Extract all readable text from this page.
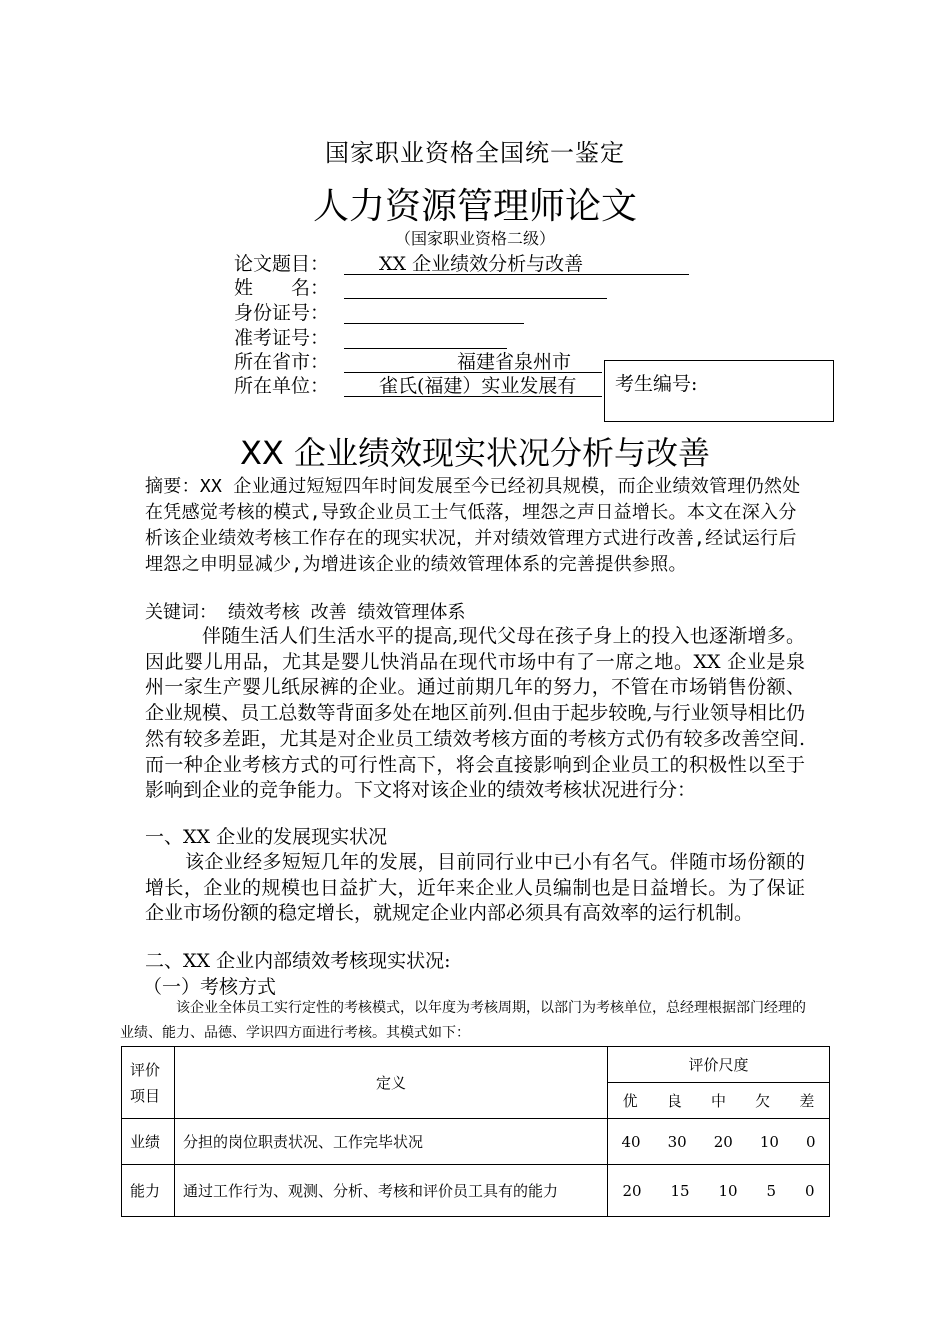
国家职业资格全国统一鉴定
人力资源管理师论文
（国家职业资格二级）
论文题目：	XX 企业绩效分析与改善
姓　　名：
身份证号：
准考证号：
所在省市：	福建省泉州市
所在单位：	雀氏(福建）实业发展有 考生编号:
XX 企业绩效现实状况分析与改善
摘要：XX 企业通过短短四年时间发展至今已经初具规模，而企业绩效管理仍然处在凭感觉考核的模式,导致企业员工士气低落，埋怨之声日益增长。本文在深入分析该企业绩效考核工作存在的现实状况，并对绩效管理方式进行改善,经试运行后埋怨之申明显减少,为增进该企业的绩效管理体系的完善提供参照。
关键词： 绩效考核 改善 绩效管理体系
伴随生活人们生活水平的提高,现代父母在孩子身上的投入也逐渐增多。因此婴儿用品，尤其是婴儿快消品在现代市场中有了一席之地。XX 企业是泉州一家生产婴儿纸尿裤的企业。通过前期几年的努力，不管在市场销售份额、企业规模、员工总数等背面多处在地区前列.但由于起步较晚,与行业领导相比仍然有较多差距，尤其是对企业员工绩效考核方面的考核方式仍有较多改善空间.而一种企业考核方式的可行性高下，将会直接影响到企业员工的积极性以至于影响到企业的竞争能力。下文将对该企业的绩效考核状况进行分：
一、XX 企业的发展现实状况
该企业经多短短几年的发展，目前同行业中已小有名气。伴随市场份额的增长，企业的规模也日益扩大，近年来企业人员编制也是日益增长。为了保证企业市场份额的稳定增长，就规定企业内部必须具有高效率的运行机制。
二、XX 企业内部绩效考核现实状况:
（一）考核方式
该企业全体员工实行定性的考核模式，以年度为考核周期，以部门为考核单位，总经理根据部门经理的业绩、能力、品德、学识四方面进行考核。其模式如下：
评价项目	定义	评价尺度

		优 良 中 欠 差

业绩	分担的岗位职责状况、工作完毕状况	40 30 20 10 0

能力	通过工作行为、观测、分析、考核和评价员工具有的能力	20 15 10 5 0
